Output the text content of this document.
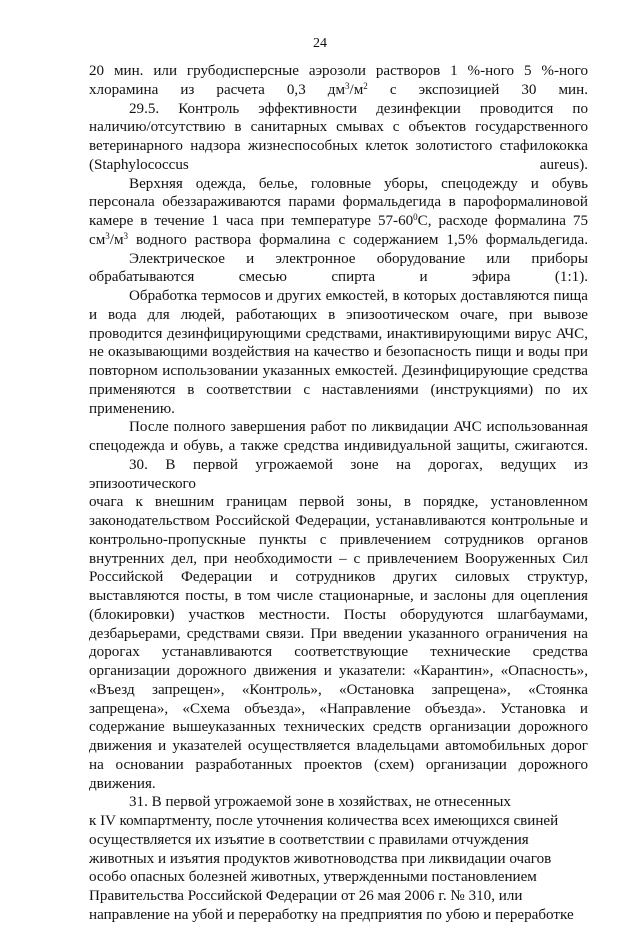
24

20 мин. или грубодисперсные аэрозоли растворов 1 %-ного 5 %-ного
хлорамина из расчета 0,3 $дм^3/м^2$ с экспозицией 30 мин.

29.5. Контроль эффективности дезинфекции проводится по
наличию/отсутствию в санитарных смывах с объектов государственного
ветеринарного надзора жизнеспособных клеток золотистого стафилококка
(Staphylococcus aureus).

Верхняя одежда, белье, головные уборы, спецодежду и обувь
персонала обеззараживаются парами формальдегида в пароформалиновой
камере в течение 1 часа при температуре $57-60^0С$, расходе формалина 75
$см^3/м^3$ водного раствора формалина с содержанием 1,5% формальдегида.

Электрическое и электронное оборудование или приборы
обрабатываются смесью спирта и эфира (1:1).

Обработка термосов и других емкостей, в которых доставляются пища
и вода для людей, работающих в эпизоотическом очаге, при вывозе
проводится дезинфицирующими средствами, инактивирующими вирус АЧС,
не оказывающими воздействия на качество и безопасность пищи и воды при
повторном использовании указанных емкостей. Дезинфицирующие средства
применяются в соответствии с наставлениями (инструкциями) по их
применению.

После полного завершения работ по ликвидации АЧС использованная
спецодежда и обувь, а также средства индивидуальной защиты, сжигаются.

30. В первой угрожаемой зоне на дорогах, ведущих из эпизоотического
очага к внешним границам первой зоны, в порядке, установленном
законодательством Российской Федерации, устанавливаются контрольные и
контрольно-пропускные пункты с привлечением сотрудников органов
внутренних дел, при необходимости – с привлечением Вооруженных Сил
Российской Федерации и сотрудников других силовых структур,
выставляются посты, в том числе стационарные, и заслоны для оцепления
(блокировки) участков местности. Посты оборудуются шлагбаумами,
дезбарьерами, средствами связи. При введении указанного ограничения на
дорогах устанавливаются соответствующие технические средства
организации дорожного движения и указатели: «Карантин», «Опасность»,
«Въезд запрещен», «Контроль», «Остановка запрещена», «Стоянка
запрещена», «Схема объезда», «Направление объезда». Установка и
содержание вышеуказанных технических средств организации дорожного
движения и указателей осуществляется владельцами автомобильных дорог
на основании разработанных проектов (схем) организации дорожного
движения.

31. В первой угрожаемой зоне в хозяйствах, не отнесенных
к IV компартменту, после уточнения количества всех имеющихся свиней
осуществляется их изъятие в соответствии с правилами отчуждения
животных и изъятия продуктов животноводства при ликвидации очагов
особо опасных болезней животных, утвержденными постановлением
Правительства Российской Федерации от 26 мая 2006 г. № 310, или
направление на убой и переработку на предприятия по убою и переработке
